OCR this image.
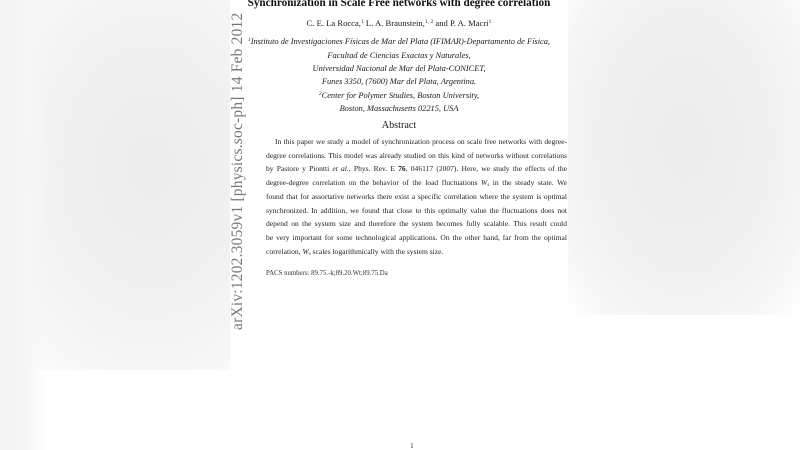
arXiv:1202.3059v1 [physics.soc-ph] 14 Feb 2012
Synchronization in Scale Free networks with degree correlation
C. E. La Rocca,$^1$ L. A. Braunstein,$^{1, 2}$ and P. A. Macri$^1$
$^1$Instituto de Investigaciones Físicas de Mar del Plata (IFIMAR)-Departamento de Física,
Facultad de Ciencias Exactas y Naturales,
Universidad Nacional de Mar del Plata-CONICET,
Funes 3350, (7600) Mar del Plata, Argentina.
$^2$Center for Polymer Studies, Boston University,
Boston, Massachusetts 02215, USA
Abstract
In this paper we study a model of synchronization process on scale free networks with degree-
degree correlations. This model was already studied on this kind of networks without correlations
by Pastore y Piontti et al., Phys. Rev. E 76, 046117 (2007). Here, we study the effects of the
degree-degree correlation on the behavior of the load fluctuations $W_s$ in the steady state. We
found that for assortative networks there exist a specific correlation where the system is optimal
synchronized. In addition, we found that close to this optimally value the fluctuations does not
depend on the system size and therefore the system becomes fully scalable. This result could
be very important for some technological applications. On the other hand, far from the optimal
correlation, $W_s$ scales logarithmically with the system size.
PACS numbers: 89.75.-k;89.20.Wt;89.75.Da
1
